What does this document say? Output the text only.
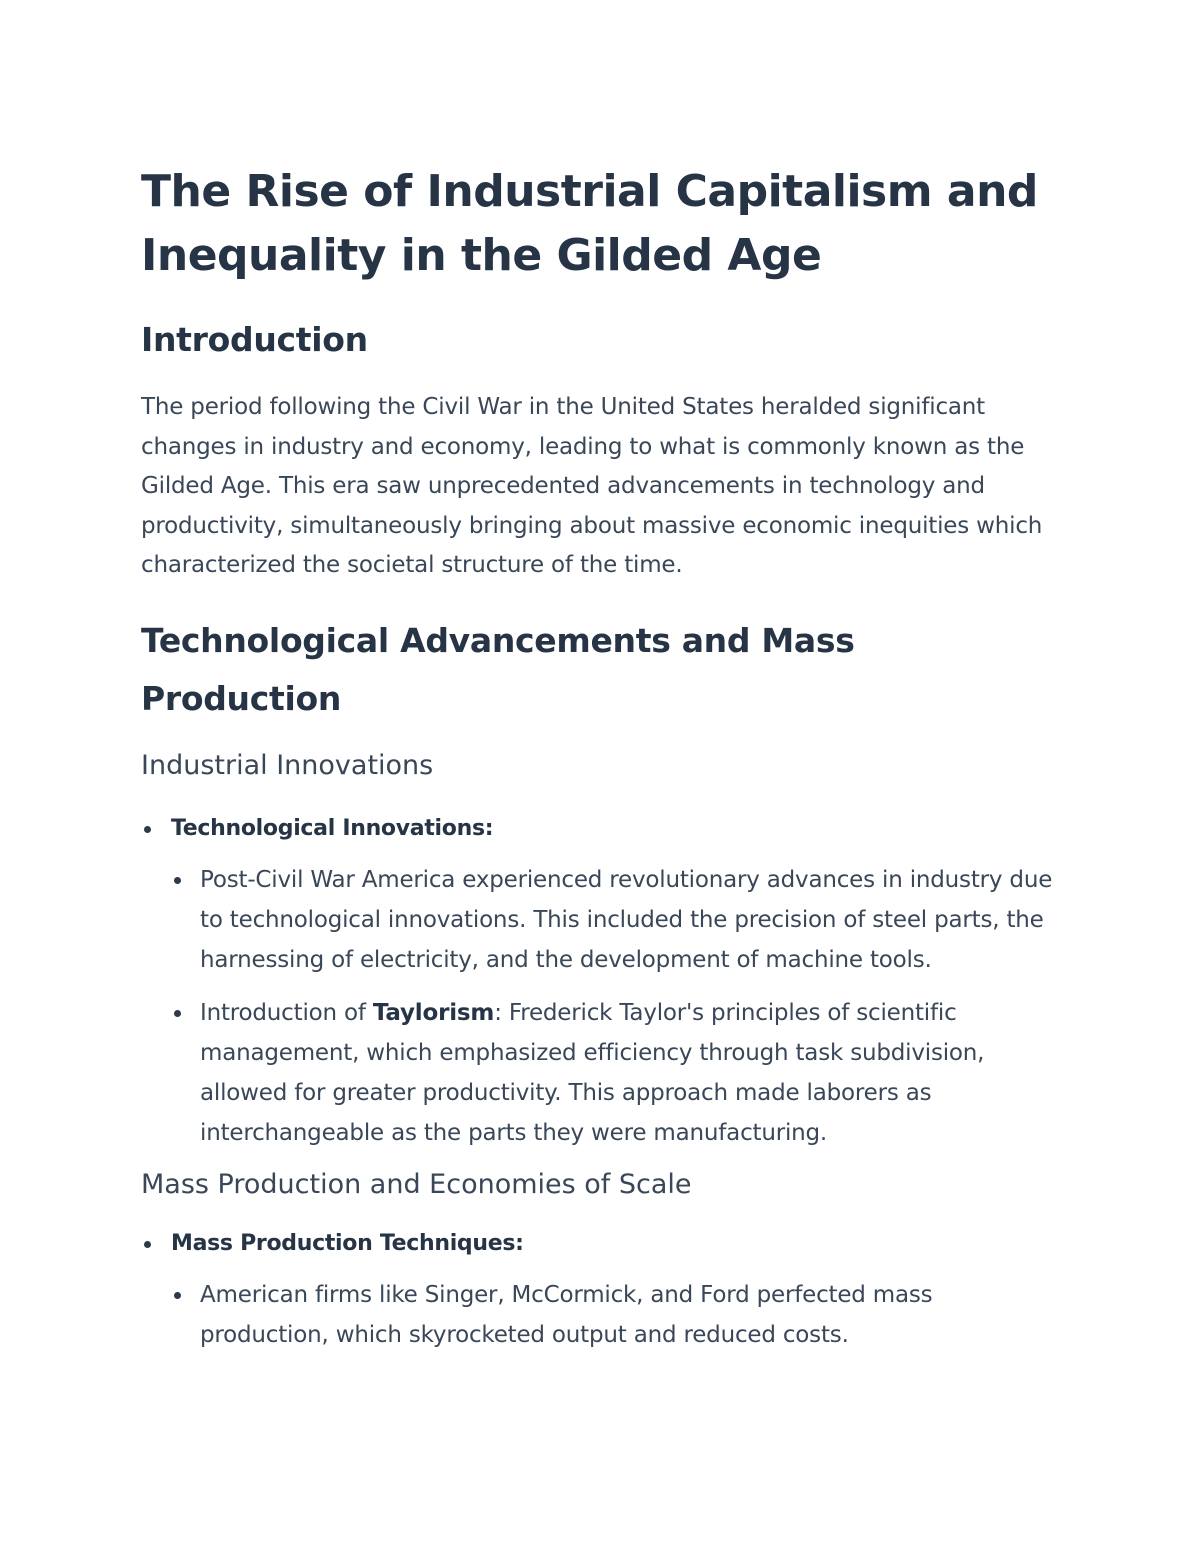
The Rise of Industrial Capitalism and Inequality in the Gilded Age
Introduction

The period following the Civil War in the United States heralded significant changes in industry and economy, leading to what is commonly known as the Gilded Age. This era saw unprecedented advancements in technology and productivity, simultaneously bringing about massive economic inequities which characterized the societal structure of the time.

Technological Advancements and Mass Production
Industrial Innovations
Technological Innovations:
Post-Civil War America experienced revolutionary advances in industry due to technological innovations. This included the precision of steel parts, the harnessing of electricity, and the development of machine tools.
Introduction of Taylorism: Frederick Taylor's principles of scientific management, which emphasized efficiency through task subdivision, allowed for greater productivity. This approach made laborers as interchangeable as the parts they were manufacturing.
Mass Production and Economies of Scale
Mass Production Techniques:
American firms like Singer, McCormick, and Ford perfected mass production, which skyrocketed output and reduced costs.
